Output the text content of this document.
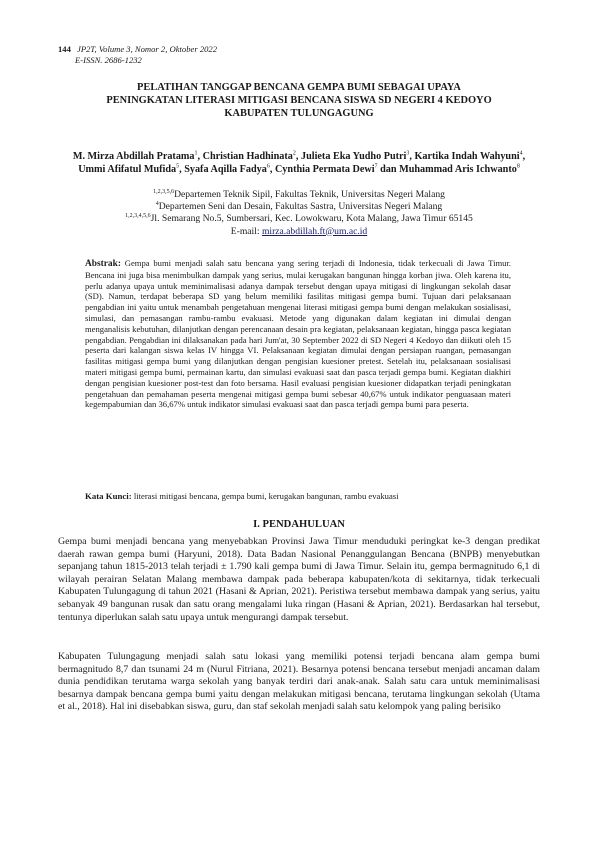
144 JP2T, Volume 3, Nomor 2, Oktober 2022
E-ISSN. 2686-1232
PELATIHAN TANGGAP BENCANA GEMPA BUMI SEBAGAI UPAYA
PENINGKATAN LITERASI MITIGASI BENCANA SISWA SD NEGERI 4 KEDOYO
KABUPATEN TULUNGAGUNG
M. Mirza Abdillah Pratama$^1$, Christian Hadhinata$^2$, Julieta Eka Yudho Putri$^3$, Kartika Indah Wahyuni$^4$, Ummi Afifatul Mufida$^5$, Syafa Aqilla Fadya$^6$, Cynthia Permata Dewi$^7$ dan Muhammad Aris Ichwanto$^8$
$^{1,2,3,5,6}$Departemen Teknik Sipil, Fakultas Teknik, Universitas Negeri Malang
$^4$Departemen Seni dan Desain, Fakultas Sastra, Universitas Negeri Malang
$^{1,2,3,4,5,6}$Jl. Semarang No.5, Sumbersari, Kec. Lowokwaru, Kota Malang, Jawa Timur 65145
E-mail: mirza.abdillah.ft@um.ac.id
Abstrak: Gempa bumi menjadi salah satu bencana yang sering terjadi di Indonesia, tidak terkecuali di Jawa Timur. Bencana ini juga bisa menimbulkan dampak yang serius, mulai kerugakan bangunan hingga korban jiwa. Oleh karena itu, perlu adanya upaya untuk meminimalisasi adanya dampak tersebut dengan upaya mitigasi di lingkungan sekolah dasar (SD). Namun, terdapat beberapa SD yang belum memiliki fasilitas mitigasi gempa bumi. Tujuan dari pelaksanaan pengabdian ini yaitu untuk menambah pengetahuan mengenai literasi mitigasi gempa bumi dengan melakukan sosialisasi, simulasi, dan pemasangan rambu-rambu evakuasi. Metode yang digunakan dalam kegiatan ini dimulai dengan menganalisis kebutuhan, dilanjutkan dengan perencanaan desain pra kegiatan, pelaksanaan kegiatan, hingga pasca kegiatan pengabdian. Pengabdian ini dilaksanakan pada hari Jum'at, 30 September 2022 di SD Negeri 4 Kedoyo dan diikuti oleh 15 peserta dari kalangan siswa kelas IV hingga VI. Pelaksanaan kegiatan dimulai dengan persiapan ruangan, pemasangan fasilitas mitigasi gempa bumi yang dilanjutkan dengan pengisian kuesioner pretest. Setelah itu, pelaksanaan sosialisasi materi mitigasi gempa bumi, permainan kartu, dan simulasi evakuasi saat dan pasca terjadi gempa bumi. Kegiatan diakhiri dengan pengisian kuesioner post-test dan foto bersama. Hasil evaluasi pengisian kuesioner didapatkan terjadi peningkatan pengetahuan dan pemahaman peserta mengenai mitigasi gempa bumi sebesar 40,67% untuk indikator penguasaan materi kegempabumian dan 36,67% untuk indikator simulasi evakuasi saat dan pasca terjadi gempa bumi para peserta.
Kata Kunci: literasi mitigasi bencana, gempa bumi, kerugakan bangunan, rambu evakuasi
I. PENDAHULUAN
Gempa bumi menjadi bencana yang menyebabkan Provinsi Jawa Timur menduduki peringkat ke-3 dengan predikat daerah rawan gempa bumi (Haryuni, 2018). Data Badan Nasional Penanggulangan Bencana (BNPB) menyebutkan sepanjang tahun 1815-2013 telah terjadi ± 1.790 kali gempa bumi di Jawa Timur. Selain itu, gempa bermagnitudo 6,1 di wilayah perairan Selatan Malang membawa dampak pada beberapa kabupaten/kota di sekitarnya, tidak terkecuali Kabupaten Tulungagung di tahun 2021 (Hasani & Aprian, 2021). Peristiwa tersebut membawa dampak yang serius, yaitu sebanyak 49 bangunan rusak dan satu orang mengalami luka ringan (Hasani & Aprian, 2021). Berdasarkan hal tersebut, tentunya diperlukan salah satu upaya untuk mengurangi dampak tersebut.
Kabupaten Tulungagung menjadi salah satu lokasi yang memiliki potensi terjadi bencana alam gempa bumi bermagnitudo 8,7 dan tsunami 24 m (Nurul Fitriana, 2021). Besarnya potensi bencana tersebut menjadi ancaman dalam dunia pendidikan terutama warga sekolah yang banyak terdiri dari anak-anak. Salah satu cara untuk meminimalisasi besarnya dampak bencana gempa bumi yaitu dengan melakukan mitigasi bencana, terutama lingkungan sekolah (Utama et al., 2018). Hal ini disebabkan siswa, guru, dan staf sekolah menjadi salah satu kelompok yang paling berisiko
